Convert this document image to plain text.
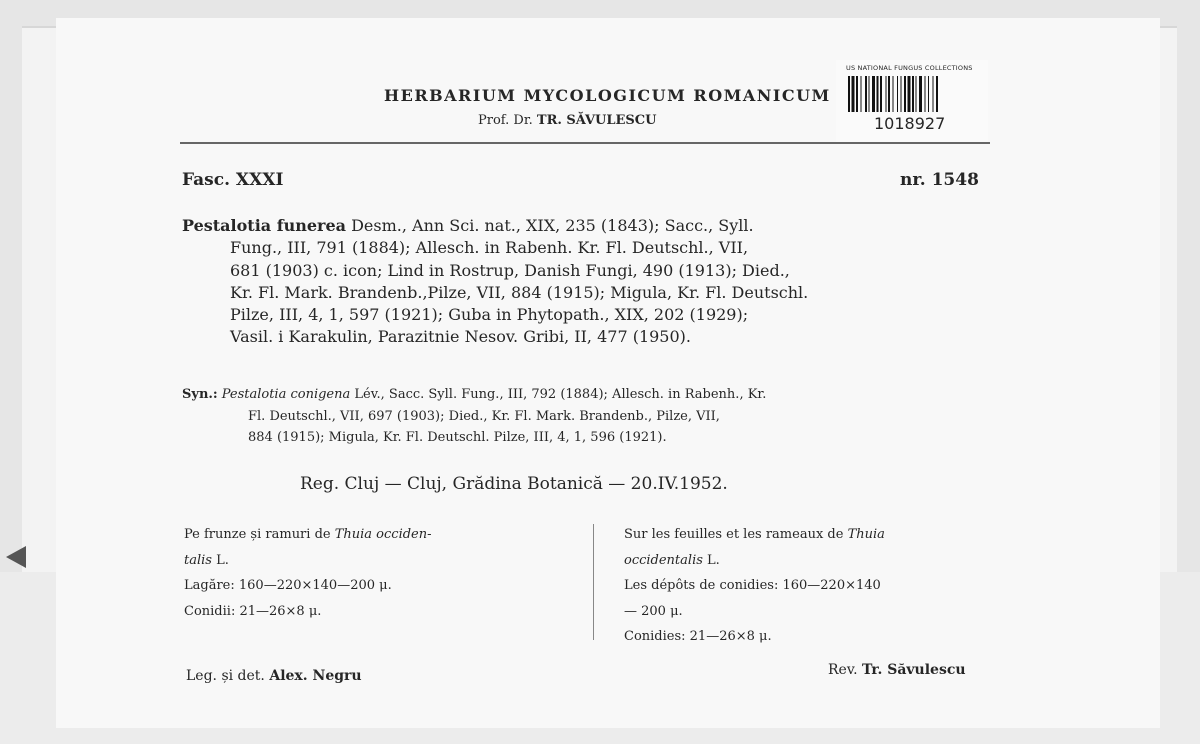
HERBARIUM MYCOLOGICUM ROMANICUM
Prof. Dr. TR. SĂVULESCU
US NATIONAL FUNGUS COLLECTIONS
1018927
Fasc. XXXI	nr. 1548
Pestalotia funerea Desm., Ann Sci. nat., XIX, 235 (1843); Sacc., Syll.
Fung., III, 791 (1884); Allesch. in Rabenh. Kr. Fl. Deutschl., VII,
681 (1903) c. icon; Lind in Rostrup, Danish Fungi, 490 (1913); Died.,
Kr. Fl. Mark. Brandenb.,Pilze, VII, 884 (1915); Migula, Kr. Fl. Deutschl.
Pilze, III, 4, 1, 597 (1921); Guba in Phytopath., XIX, 202 (1929);
Vasil. i Karakulin, Parazitnie Nesov. Gribi, II, 477 (1950).
Syn.: Pestalotia conigena Lév., Sacc. Syll. Fung., III, 792 (1884); Allesch. in Rabenh., Kr.
Fl. Deutschl., VII, 697 (1903); Died., Kr. Fl. Mark. Brandenb., Pilze, VII,
884 (1915); Migula, Kr. Fl. Deutschl. Pilze, III, 4, 1, 596 (1921).
Reg. Cluj — Cluj, Grădina Botanică — 20.IV.1952.
Pe frunze și ramuri de Thuia occiden-
talis L.
Lagăre: 160—220×140—200 μ.
Conidii: 21—26×8 μ.
Sur les feuilles et les rameaux de Thuia
occidentalis L.
Les dépôts de conidies: 160—220×140
— 200 μ.
Conidies: 21—26×8 μ.
Leg. și det. Alex. Negru	Rev. Tr. Săvulescu
